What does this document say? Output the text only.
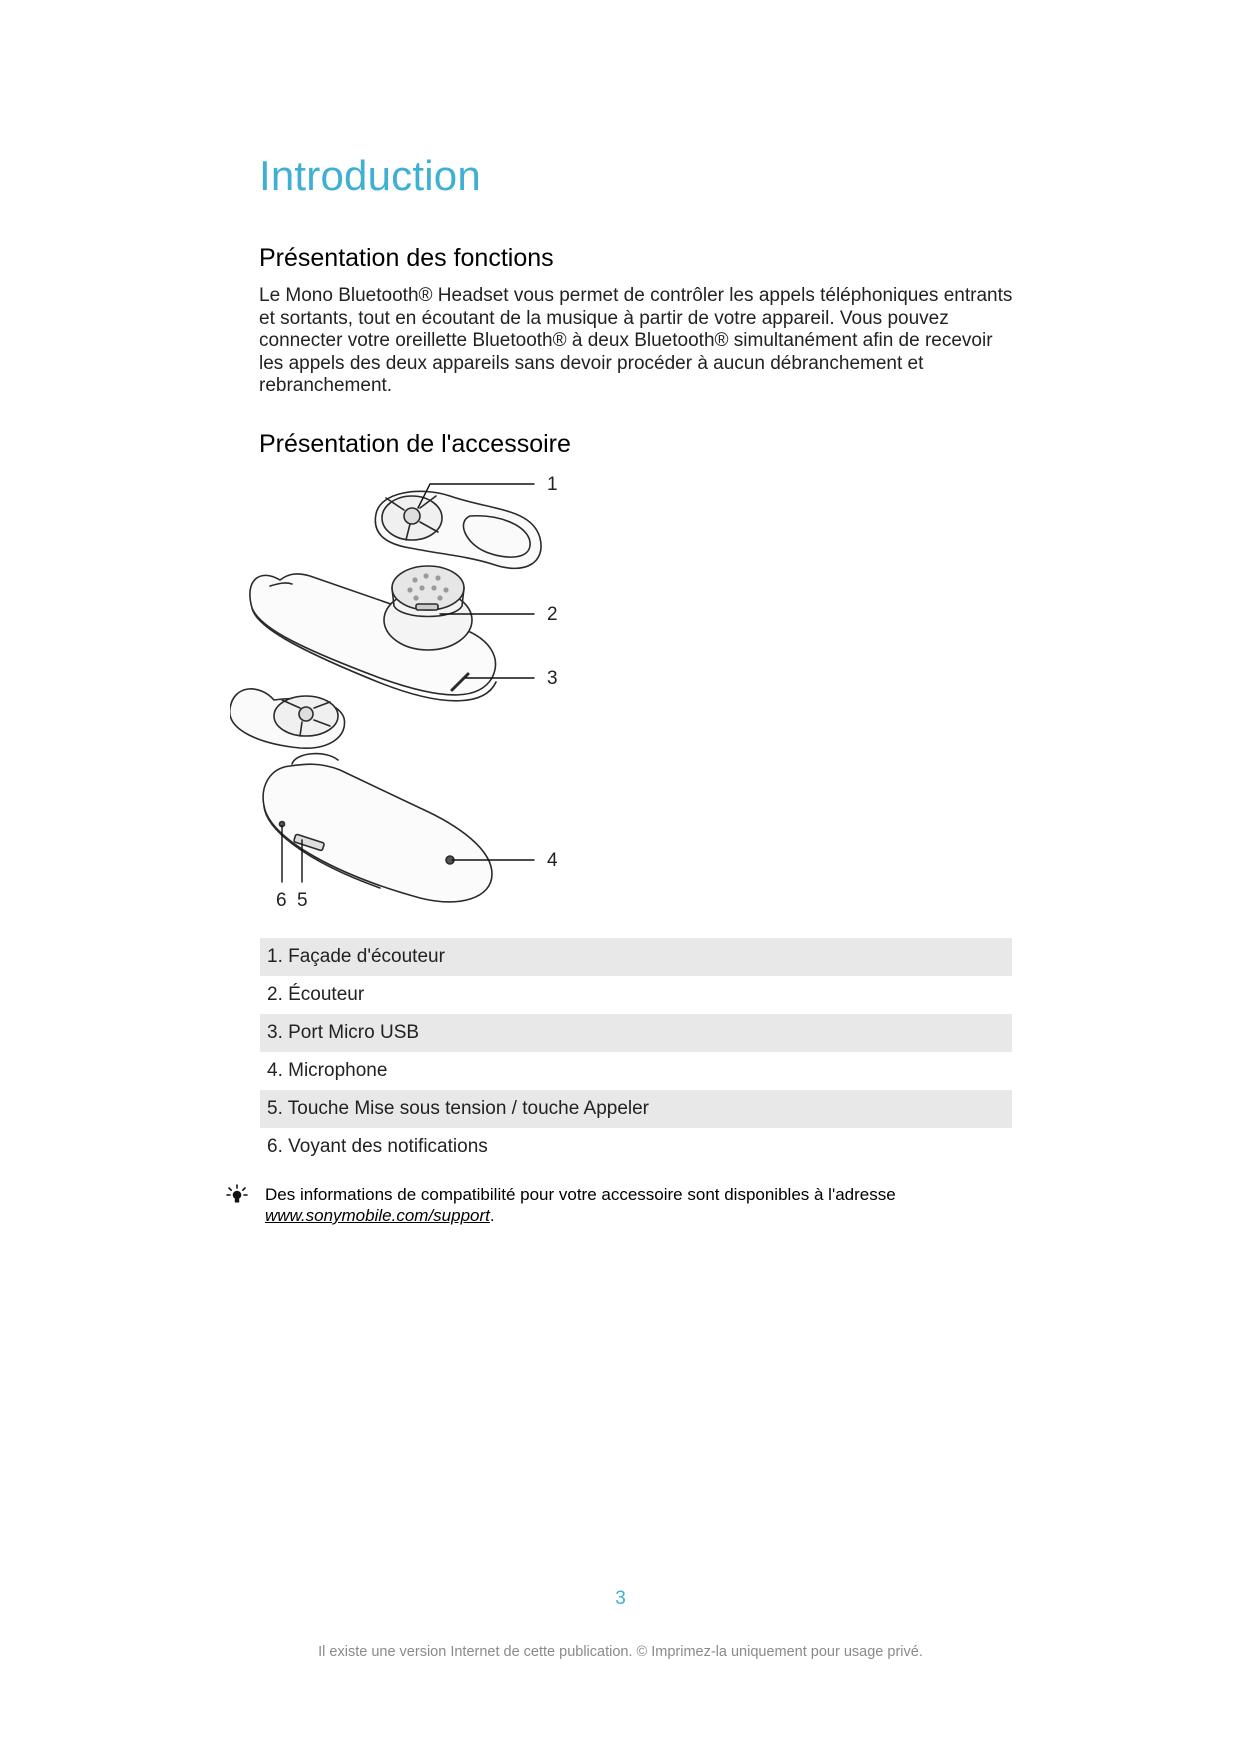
Introduction
Présentation des fonctions

Le Mono Bluetooth® Headset vous permet de contrôler les appels téléphoniques entrants et sortants, tout en écoutant de la musique à partir de votre appareil. Vous pouvez connecter votre oreillette Bluetooth® à deux Bluetooth® simultanément afin de recevoir les appels des deux appareils sans devoir procéder à aucun débranchement et rebranchement.

Présentation de l'accessoire
1
2
3
4
5
6
1. Façade d'écouteur
2. Écouteur
3. Port Micro USB
4. Microphone
5. Touche Mise sous tension / touche Appeler
6. Voyant des notifications

Des informations de compatibilité pour votre accessoire sont disponibles à l'adresse
www.sonymobile.com/support.

3
Il existe une version Internet de cette publication. © Imprimez-la uniquement pour usage privé.
